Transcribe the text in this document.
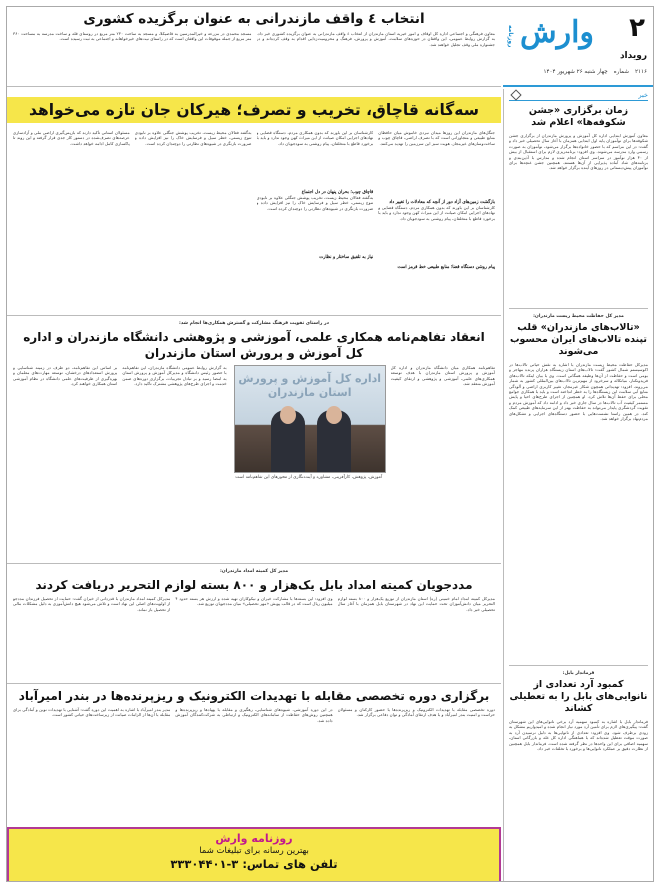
۲
رویداد
وارش
روزنامه
۲۱۱۶
شماره
چهار شنبه ۲۶ شهریور ۱۴۰۴
انتخاب ٤ واقف مازندرانی به عنوان برگزیده کشوری
معاون فرهنگی و اجتماعی اداره کل اوقاف و امور خیریه استان مازندران از انتخاب ٤ واقف مازندرانی به عنوان برگزیده کشوری خبر داد. به گزارش روابط عمومی، این واقفان در حوزه‌های سلامت، آموزش و پرورش، فرهنگ و محرومیت‌زدایی اقدام به وقف کرده‌اند و در جشنواره ملی وقف تجلیل خواهند شد.
مسجد محمدی در مزرعه و خیرالمدرسین به قاضیکلا، و مسجد به ساحت ۲۳۰ متر مربع در روستای قله و ساخت مدرسه به مساحت ۳۶۰ متر مربع از جمله موقوفات این واقفان است که در راستای نیت‌های خیرخواهانه و اجتماعی به ثبت رسیده است.
خبر
زمان برگزاری «جشن شکوفه‌ها» اعلام شد
معاون آموزش ابتدایی اداره کل آموزش و پرورش مازندران از برگزاری جشن شکوفه‌ها برای نوآموزان پایه اول ابتدایی همزمان با آغاز سال تحصیلی خبر داد و گفت: در این مراسم که با حضور خانواده‌ها برگزار می‌شود، نوآموزان به صورت رسمی وارد مدرسه می‌شوند. وی افزود: برنامه‌ریزی لازم برای استقبال از بیش از ۴۰ هزار نوآموز در سراسر استان انجام شده و مدارس با آذین‌بندی و برنامه‌های شاد آماده پذیرایی از آن‌ها هستند. همچنین جشن غنچه‌ها برای نوآموزان پیش‌دبستانی در روزهای آینده برگزار خواهد شد.
مدیر کل حفاظت محیط زیست مازندران:
«تالاب‌های مازندران» قلب تپنده تالاب‌های ایران محسوب می‌شوند
مدیرکل حفاظت محیط زیست مازندران با اشاره به نقش حیاتی تالاب‌ها در اکوسیستم شمال کشور گفت: تالاب‌های استان زیستگاه هزاران پرنده مهاجر و بومی است و حفاظت از آن‌ها وظیفه همگانی است. وی با بیان اینکه تالاب‌های فریدونکنار، میانکاله و سرخرود از مهم‌ترین تالاب‌های بین‌المللی کشور به شمار می‌روند، افزود: تهدیداتی همچون شکار غیرمجاز، تغییر کاربری اراضی و آلودگی منابع آبی سلامت این زیستگاه‌ها را به خطر انداخته است و باید با همکاری جوامع محلی برای حفظ آن‌ها تلاش کرد. او همچنین از اجرای طرح‌های احیا و پایش مستمر کیفیت آب تالاب‌ها در سال جاری خبر داد و ادامه داد که آموزش مردم و تقویت گردشگری پایدار می‌تواند به حفاظت بهتر از این سرمایه‌های طبیعی کمک کند. در همین راستا نشست‌هایی با حضور دستگاه‌های اجرایی و تشکل‌های مردم‌نهاد برگزار خواهد شد.
فرماندار بابل:
کمبود آرد تعدادی از نانوایی‌های بابل را به تعطیلی کشاند
فرماندار بابل با اشاره به کمبود سهمیه آرد برخی نانوایی‌های این شهرستان گفت: پیگیری‌های لازم برای تأمین آرد مورد نیاز انجام شده و امیدواریم مشکل به زودی برطرف شود. وی افزود: تعدادی از نانوایی‌ها به دلیل نرسیدن آرد به صورت موقت تعطیل شده‌اند که با هماهنگی اداره کل غله و بازرگانی استان، سهمیه اضافی برای این واحدها در نظر گرفته شده است. فرماندار بابل همچنین از نظارت دقیق بر عملکرد نانوایی‌ها و برخورد با تخلفات خبر داد.
سه‌گانه قاچاق، تخریب و تصرف؛ هیرکان جان تازه می‌خواهد
جنگل‌های مازندران این روزها میدان نبردی خاموش میان حافظان منابع طبیعی و متجاوزانی است که با تصرف اراضی، قاچاق چوب و ساخت‌وسازهای غیرمجاز، هویت سبز این سرزمین را تهدید می‌کنند.
بازگشت زمین‌های آزاد دور از آنچه که معادلات را تغییر داد
کارشناسان بر این باورند که بدون همکاری مردم، دستگاه قضایی و نهادهای اجرایی امکان صیانت از این میراث کهن وجود ندارد و باید با برخورد قاطع با متخلفان، پیام روشنی به سودجویان داد.
پیام روشن دستگاه قضا؛ منابع طبیعی خط قرمز است
کارشناسان بر این باورند که بدون همکاری مردم، دستگاه قضایی و نهادهای اجرایی امکان صیانت از این میراث کهن وجود ندارد و باید با برخورد قاطع با متخلفان، پیام روشنی به سودجویان داد.
قاچاق چوب؛ بحران پنهان در دل اجتماع
به‌گفته فعالان محیط زیست، تخریب پوشش جنگلی علاوه بر نابودی تنوع زیستی، خطر سیل و فرسایش خاک را نیز افزایش داده و ضرورت بازنگری در شیوه‌های نظارتی را دوچندان کرده است.
نیاز به تلفیق ساختار و نظارت
به‌گفته فعالان محیط زیست، تخریب پوشش جنگلی علاوه بر نابودی تنوع زیستی، خطر سیل و فرسایش خاک را نیز افزایش داده و ضرورت بازنگری در شیوه‌های نظارتی را دوچندان کرده است.
مسئولان استانی تأکید دارند که بازپس‌گیری اراضی ملی و آزادسازی عرصه‌های تصرف‌شده در دستور کار جدی قرار گرفته و این روند تا پاکسازی کامل ادامه خواهد داشت.
در راستای تقویت فرهنگ مشارکت و گسترش همکاری‌ها انجام شد:
انعقاد تفاهم‌نامه همکاری علمی، آموزشی و پژوهشی دانشگاه مازندران و اداره کل آموزش و پرورش استان مازندران
تفاهم‌نامه همکاری میان دانشگاه مازندران و اداره کل آموزش و پرورش استان مازندران با هدف توسعه همکاری‌های علمی، آموزشی و پژوهشی و ارتقای کیفیت آموزش منعقد شد.
اداره کل آموزش و پرورش استان مازندران
آموزش، پژوهش، کارآفرینی، مشاوره و آینده‌نگاری از محورهای این تفاهم‌نامه است
به گزارش روابط عمومی دانشگاه مازندران، این تفاهم‌نامه با حضور رئیس دانشگاه و مدیرکل آموزش و پرورش استان به امضا رسید و بر تبادل تجربیات، برگزاری دوره‌های ضمن خدمت و اجرای طرح‌های پژوهشی مشترک تأکید دارد.
بر اساس این تفاهم‌نامه، دو طرف در زمینه شناسایی و پرورش استعدادهای درخشان، توسعه مهارت‌های معلمان و بهره‌گیری از ظرفیت‌های علمی دانشگاه در نظام آموزشی استان همکاری خواهند کرد.
مدیر کل کمیته امداد مازندران:
مددجویان کمیته امداد بابل یک‌هزار و ۸۰۰ بسته لوازم التحریر دریافت کردند
مدیرکل کمیته امداد امام خمینی (ره) استان مازندران از توزیع یک‌هزار و ۸۰۰ بسته لوازم التحریر میان دانش‌آموزان تحت حمایت این نهاد در شهرستان بابل همزمان با آغاز سال تحصیلی خبر داد.
وی افزود: این بسته‌ها با مشارکت خیران و نیکوکاران تهیه شده و ارزش هر بسته حدود ۴ میلیون ریال است که در قالب پویش «مهر تحصیلی» میان مددجویان توزیع شد.
مدیرکل کمیته امداد مازندران با قدردانی از خیران گفت: حمایت از تحصیل فرزندان مددجو از اولویت‌های اصلی این نهاد است و تلاش می‌شود هیچ دانش‌آموزی به دلیل مشکلات مالی از تحصیل باز نماند.
برگزاری دوره تخصصی مقابله با تهدیدات الکترونیک و ریزپرنده‌ها در بندر امیرآباد
دوره تخصصی مقابله با تهدیدات الکترونیک و ریزپرنده‌ها با حضور کارکنان و مسئولان حراست و امنیت بندر امیرآباد و با هدف ارتقای آمادگی و توان دفاعی برگزار شد.
در این دوره آموزشی، شیوه‌های شناسایی، رهگیری و مقابله با پهپادها و ریزپرنده‌ها و همچنین روش‌های حفاظت از سامانه‌های الکترونیک و ارتباطی به شرکت‌کنندگان آموزش داده شد.
مدیر بندر امیرآباد با اشاره به اهمیت این دوره گفت: آشنایی با تهدیدات نوین و آمادگی برای مقابله با آن‌ها از الزامات صیانت از زیرساخت‌های حیاتی کشور است.
روزنامه وارش
بهترین رسانه برای تبلیغات شما
تلفن های تماس: ۳-۳۳۳۰۴۴۰۱
